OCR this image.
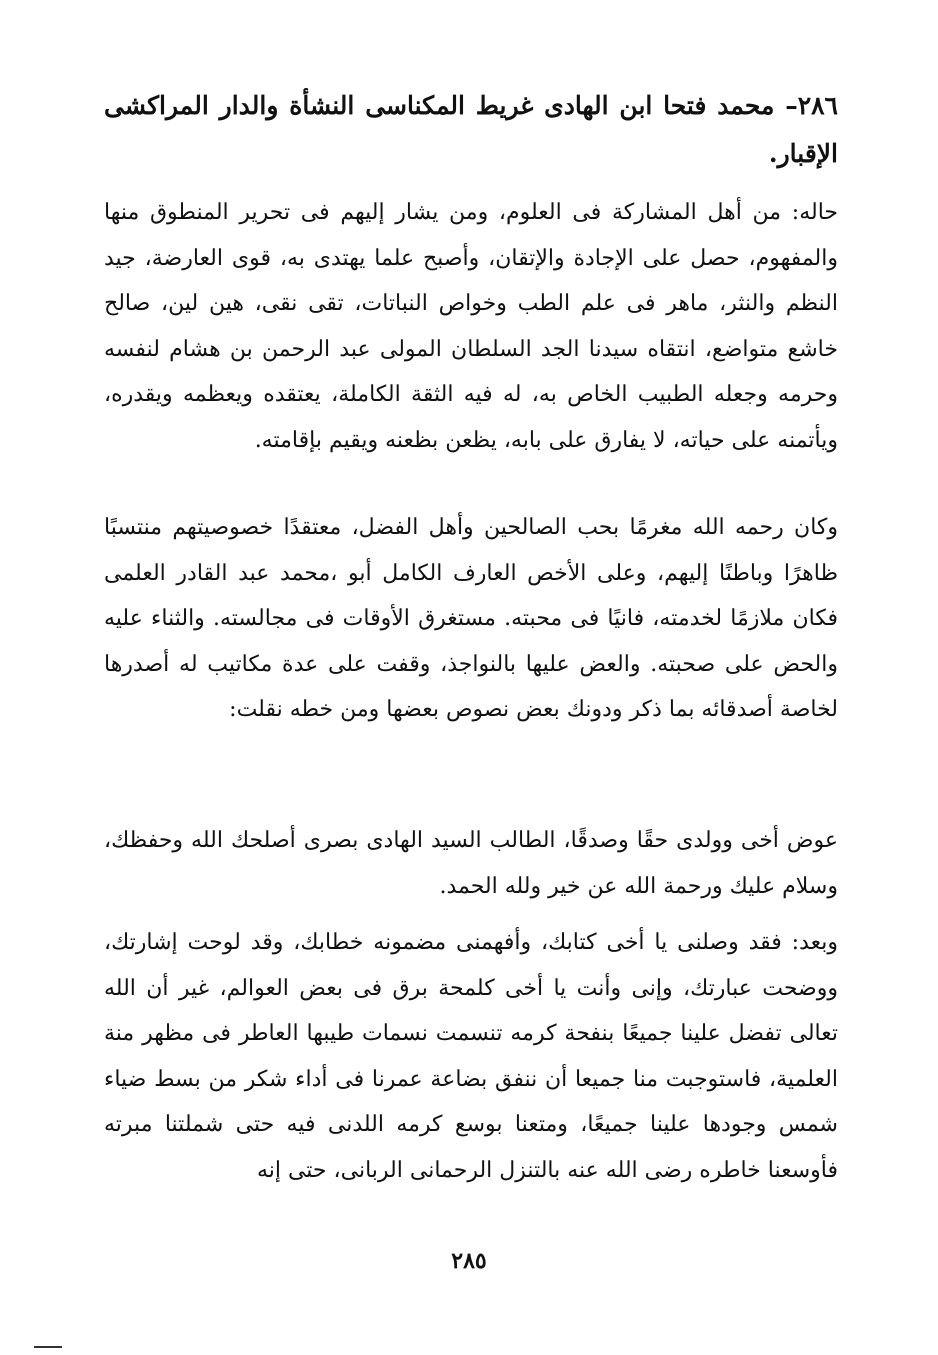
٢٨٦– محمد فتحا ابن الهادى غريط المكناسى النشأة والدار المراكشى الإقبار.
حاله: من أهل المشاركة فى العلوم، ومن يشار إليهم فى تحرير المنطوق منها والمفهوم، حصل على الإجادة والإتقان، وأصبح علما يهتدى به، قوى العارضة، جيد النظم والنثر، ماهر فى علم الطب وخواص النباتات، تقى نقى، هين لين، صالح خاشع متواضع، انتقاه سيدنا الجد السلطان المولى عبد الرحمن بن هشام لنفسه وحرمه وجعله الطبيب الخاص به، له فيه الثقة الكاملة، يعتقده ويعظمه ويقدره، ويأتمنه على حياته، لا يفارق على بابه، يظعن بظعنه ويقيم بإقامته.
وكان رحمه الله مغرمًا بحب الصالحين وأهل الفضل، معتقدًا خصوصيتهم منتسبًا ظاهرًا وباطنًا إليهم، وعلى الأخص العارف الكامل أبو ،محمد عبد القادر العلمى فكان ملازمًا لخدمته، فانيًا فى محبته. مستغرق الأوقات فى مجالسته. والثناء عليه والحض على صحبته. والعض عليها بالنواجذ، وقفت على عدة مكاتيب له أصدرها لخاصة أصدقائه بما ذكر ودونك بعض نصوص بعضها ومن خطه نقلت:
عوض أخى وولدى حقًا وصدقًا، الطالب السيد الهادى بصرى أصلحك الله وحفظك، وسلام عليك ورحمة الله عن خير ولله الحمد.
وبعد: فقد وصلنى يا أخى كتابك، وأفهمنى مضمونه خطابك، وقد لوحت إشارتك، ووضحت عبارتك، وإنى وأنت يا أخى كلمحة برق فى بعض العوالم، غير أن الله تعالى تفضل علينا جميعًا بنفحة كرمه تنسمت نسمات طيبها العاطر فى مظهر منة العلمية، فاستوجبت منا جميعا أن ننفق بضاعة عمرنا فى أداء شكر من بسط ضياء شمس وجودها علينا جميعًا، ومتعنا بوسع كرمه اللدنى فيه حتى شملتنا مبرته فأوسعنا خاطره رضى الله عنه بالتنزل الرحمانى الربانى، حتى إنه
٢٨٥
